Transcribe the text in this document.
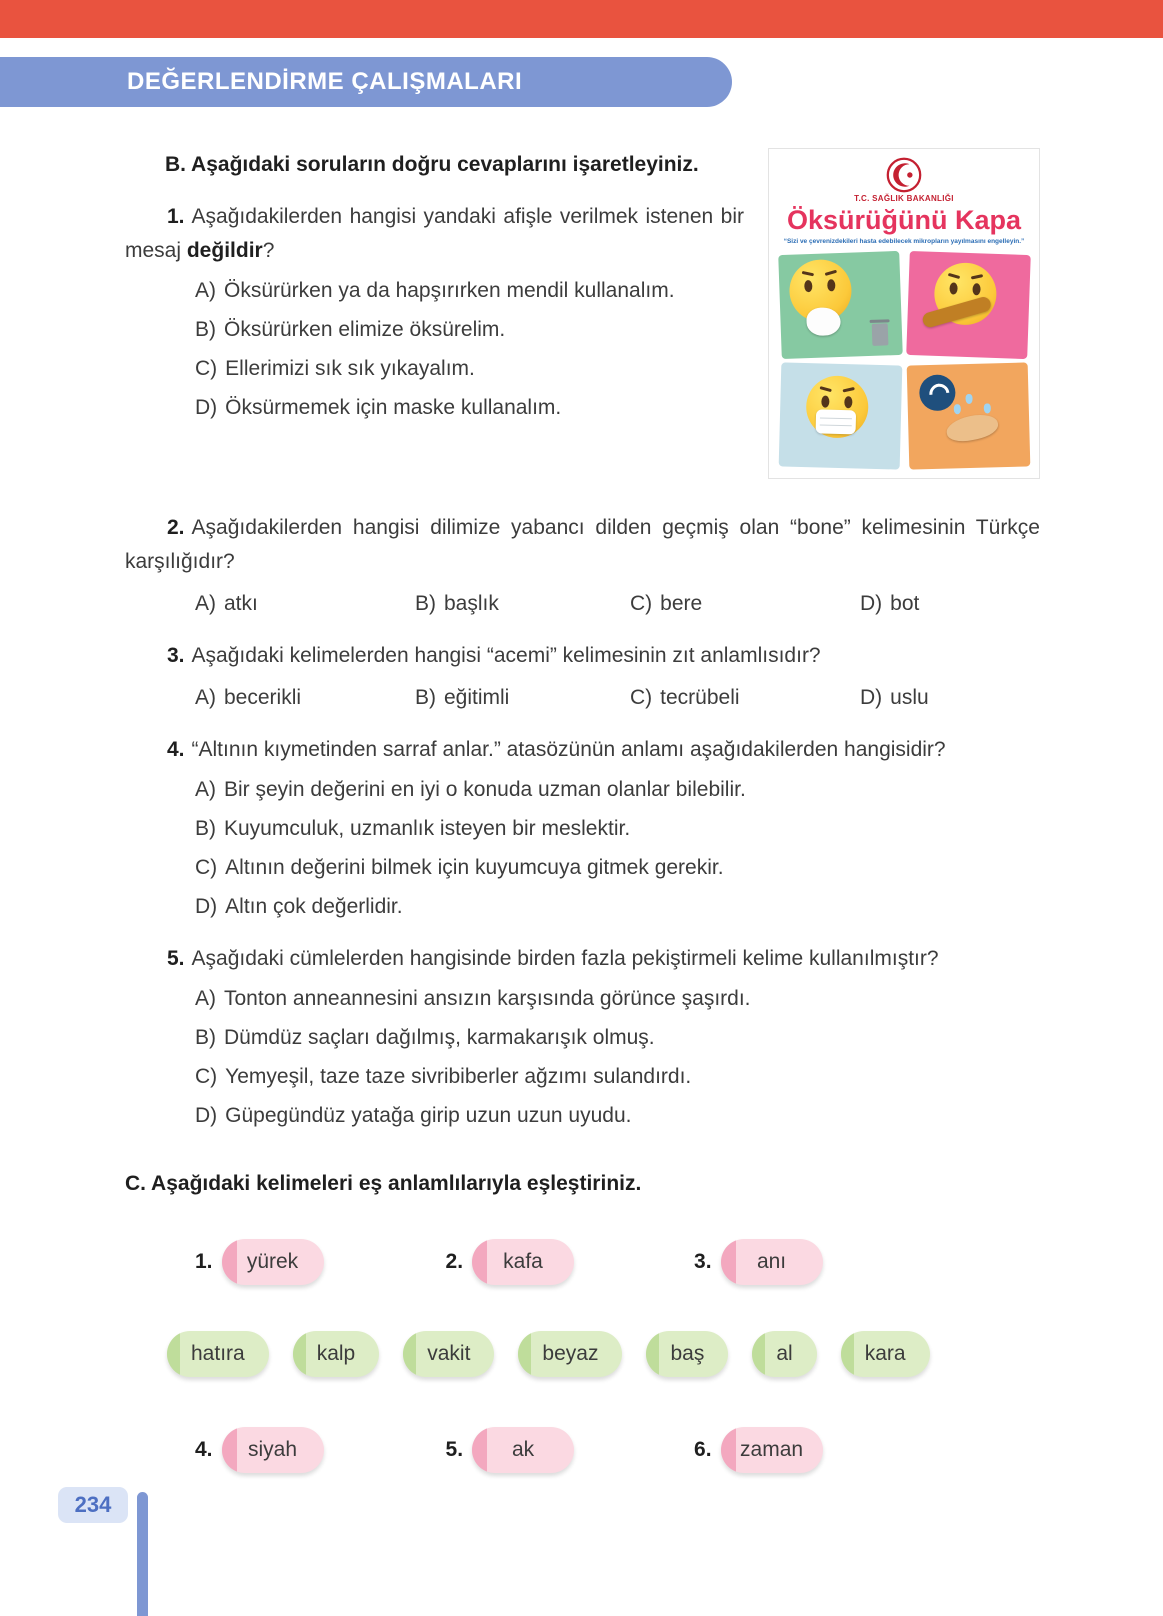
DEĞERLENDİRME ÇALIŞMALARI
T.C. SAĞLIK BAKANLIĞI
Öksürüğünü Kapa
“Sizi ve çevrenizdekileri hasta edebilecek mikropların yayılmasını engelleyin.”

B. Aşağıdaki soruların doğru cevaplarını işaretleyiniz.

1. Aşağıdakilerden hangisi yandaki afişle verilmek istenen bir mesaj değildir?

A) Öksürürken ya da hapşırırken mendil kullanalım.

B) Öksürürken elimize öksürelim.

C) Ellerimizi sık sık yıkayalım.

D) Öksürmemek için maske kullanalım.

2. Aşağıdakilerden hangisi dilimize yabancı dilden geçmiş olan “bone” kelimesinin Türkçe karşılığıdır?

A) atkı	B) başlık	C) bere	D) bot

3. Aşağıdaki kelimelerden hangisi “acemi” kelimesinin zıt anlamlısıdır?

A) becerikli	B) eğitimli	C) tecrübeli	D) uslu

4. “Altının kıymetinden sarraf anlar.” atasözünün anlamı aşağıdakilerden hangisidir?

A) Bir şeyin değerini en iyi o konuda uzman olanlar bilebilir.

B) Kuyumculuk, uzmanlık isteyen bir meslektir.

C) Altının değerini bilmek için kuyumcuya gitmek gerekir.

D) Altın çok değerlidir.

5. Aşağıdaki cümlelerden hangisinde birden fazla pekiştirmeli kelime kullanılmıştır?

A) Tonton anneannesini ansızın karşısında görünce şaşırdı.

B) Dümdüz saçları dağılmış, karmakarışık olmuş.

C) Yemyeşil, taze taze sivribiberler ağzımı sulandırdı.

D) Güpegündüz yatağa girip uzun uzun uyudu.

C. Aşağıdaki kelimeleri eş anlamlılarıyla eşleştiriniz.

1. yürek	2. kafa	3. anı
hatıra	kalp	vakit	beyaz	baş	al	kara
4. siyah	5. ak	6. zaman
234
